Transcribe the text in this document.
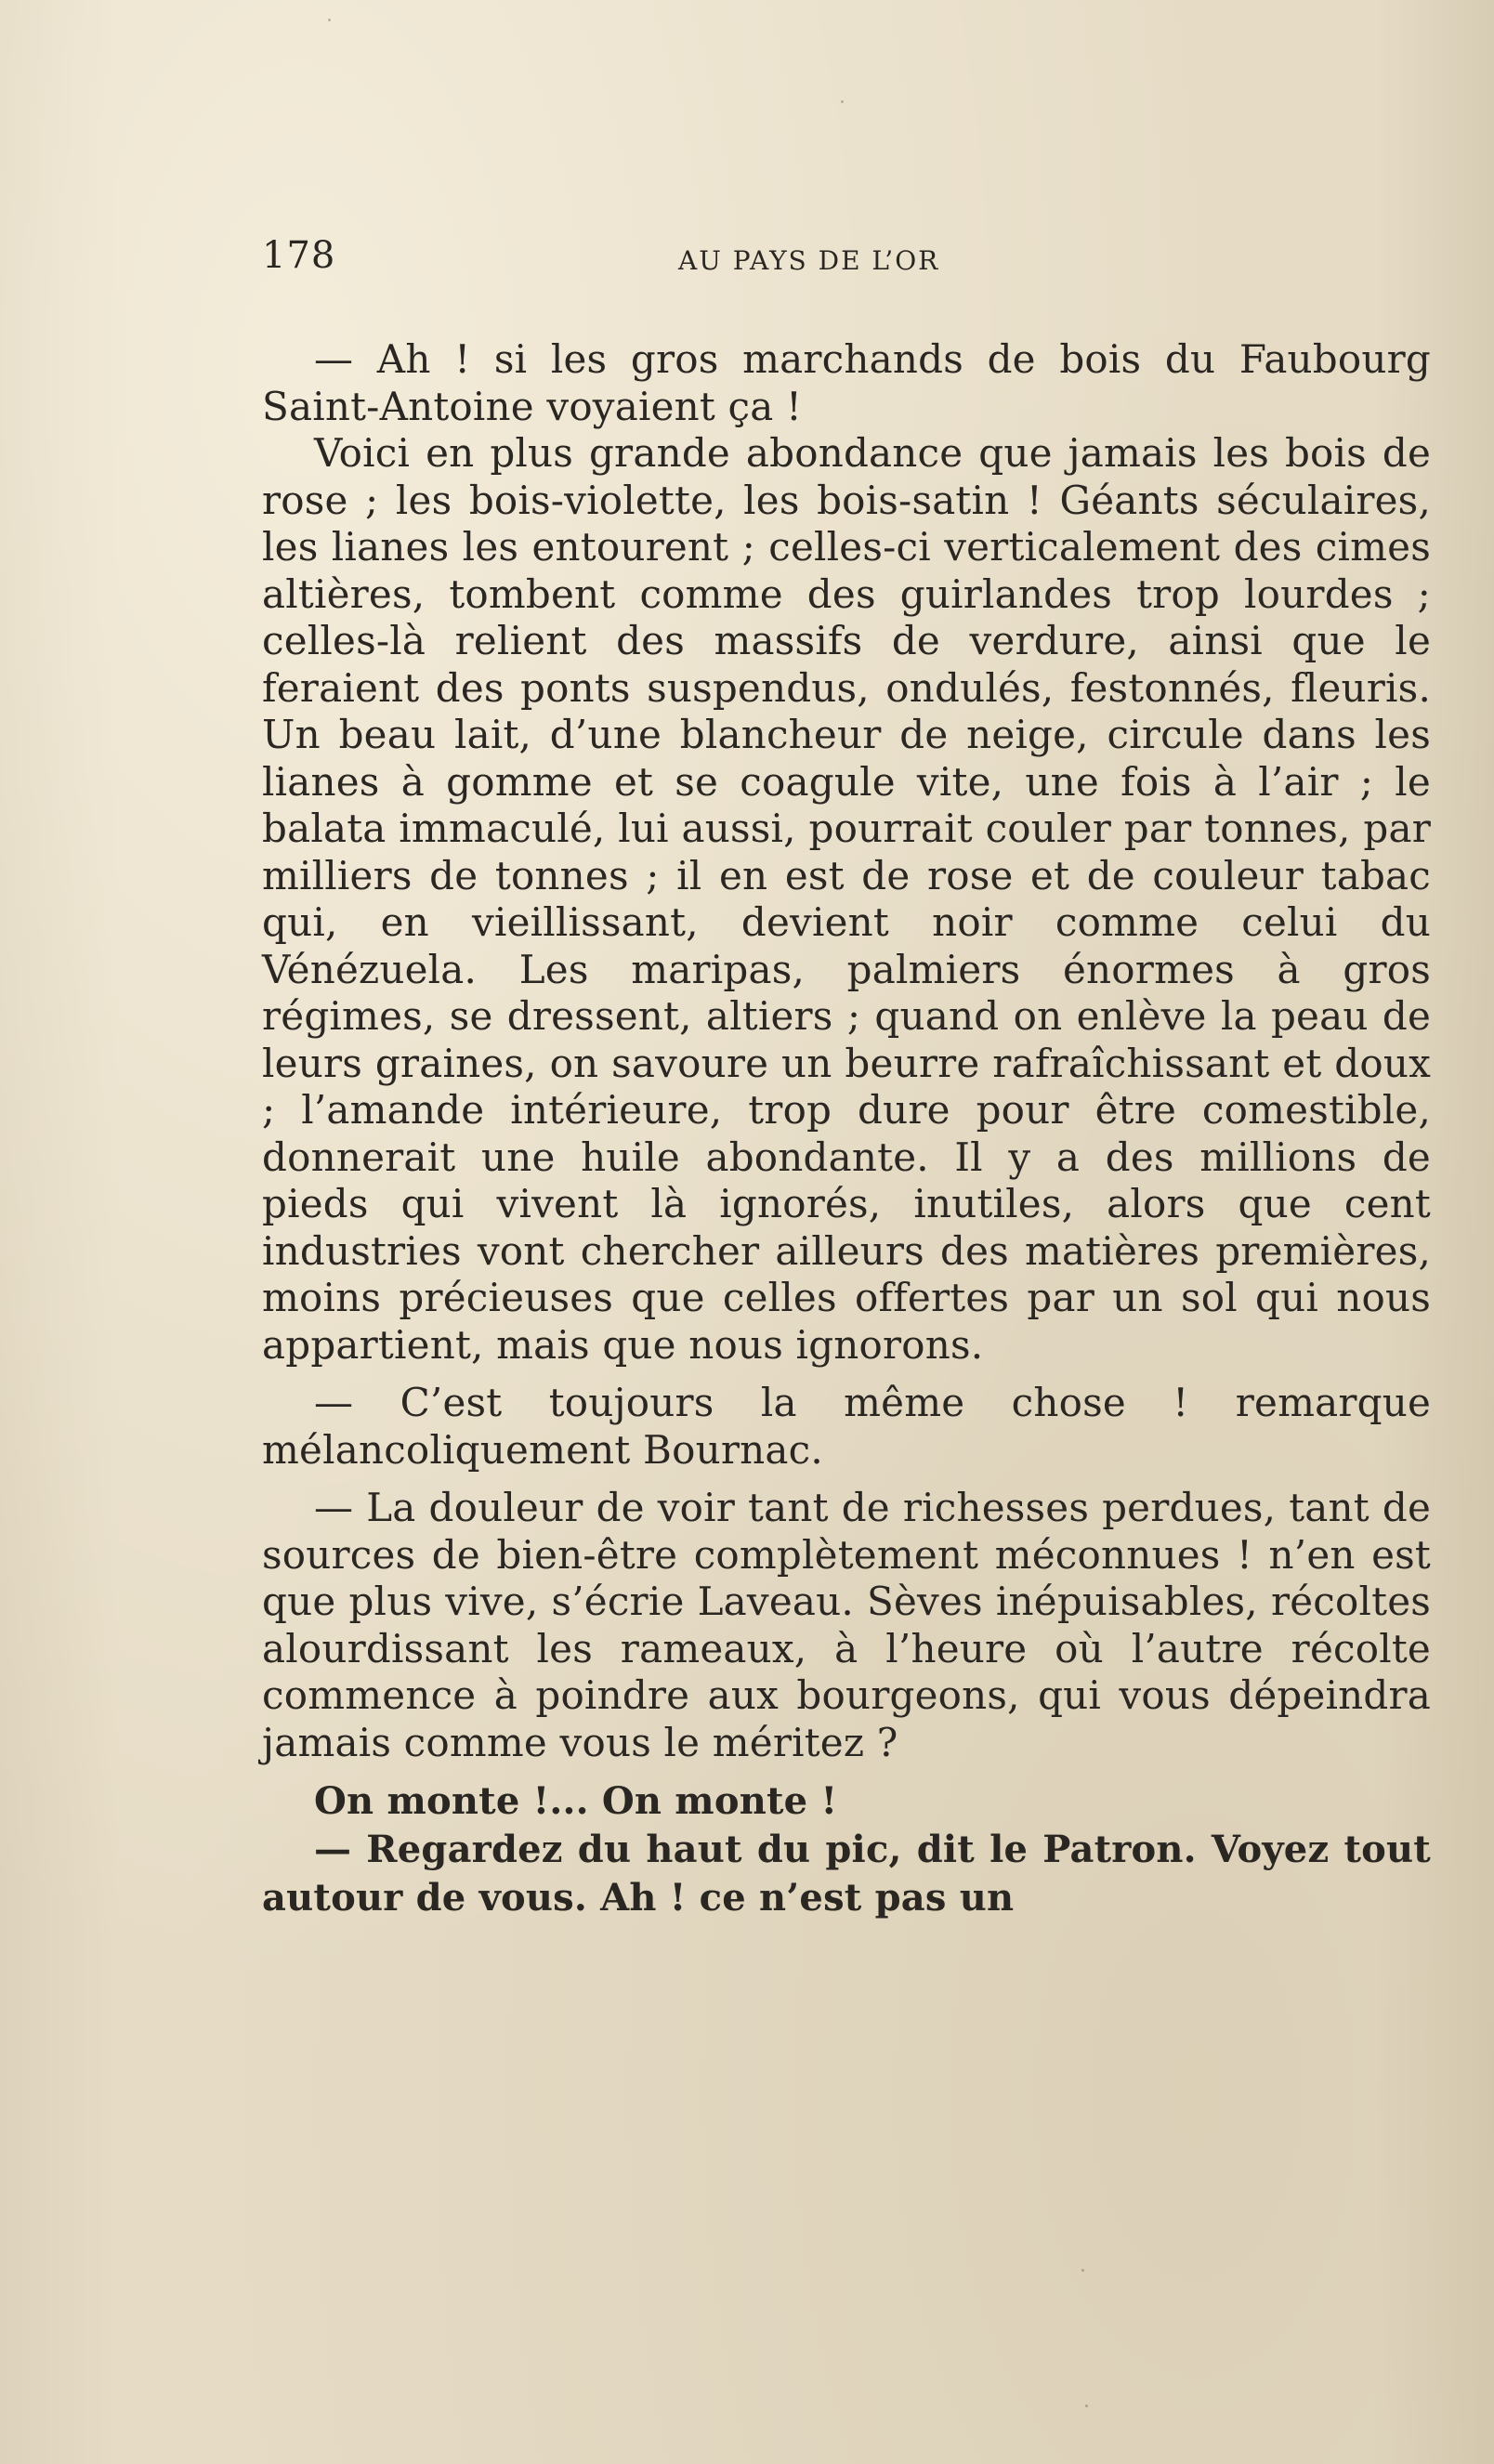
178	AU PAYS DE L’OR

— Ah ! si les gros marchands de bois du Faubourg Saint-Antoine voyaient ça !

Voici en plus grande abondance que jamais les bois de rose ; les bois-violette, les bois-satin ! Géants séculaires, les lianes les entourent ; celles-ci verticalement des cimes altières, tombent comme des guirlandes trop lourdes ; celles-là relient des massifs de verdure, ainsi que le feraient des ponts suspendus, ondulés, festonnés, fleuris. Un beau lait, d’une blancheur de neige, circule dans les lianes à gomme et se coagule vite, une fois à l’air ; le balata immaculé, lui aussi, pourrait couler par tonnes, par milliers de tonnes ; il en est de rose et de couleur tabac qui, en vieillissant, devient noir comme celui du Vénézuela. Les maripas, palmiers énormes à gros régimes, se dressent, altiers ; quand on enlève la peau de leurs graines, on savoure un beurre rafraîchissant et doux ; l’amande intérieure, trop dure pour être comestible, donnerait une huile abondante. Il y a des millions de pieds qui vivent là ignorés, inutiles, alors que cent industries vont chercher ailleurs des matières premières, moins précieuses que celles offertes par un sol qui nous appartient, mais que nous ignorons.

— C’est toujours la même chose ! remarque mélancoliquement Bournac.

— La douleur de voir tant de richesses perdues, tant de sources de bien-être complètement méconnues ! n’en est que plus vive, s’écrie Laveau. Sèves inépuisables, récoltes alourdissant les rameaux, à l’heure où l’autre récolte commence à poindre aux bourgeons, qui vous dépeindra jamais comme vous le méritez ?

On monte !... On monte !

— Regardez du haut du pic, dit le Patron. Voyez tout autour de vous. Ah ! ce n’est pas un
